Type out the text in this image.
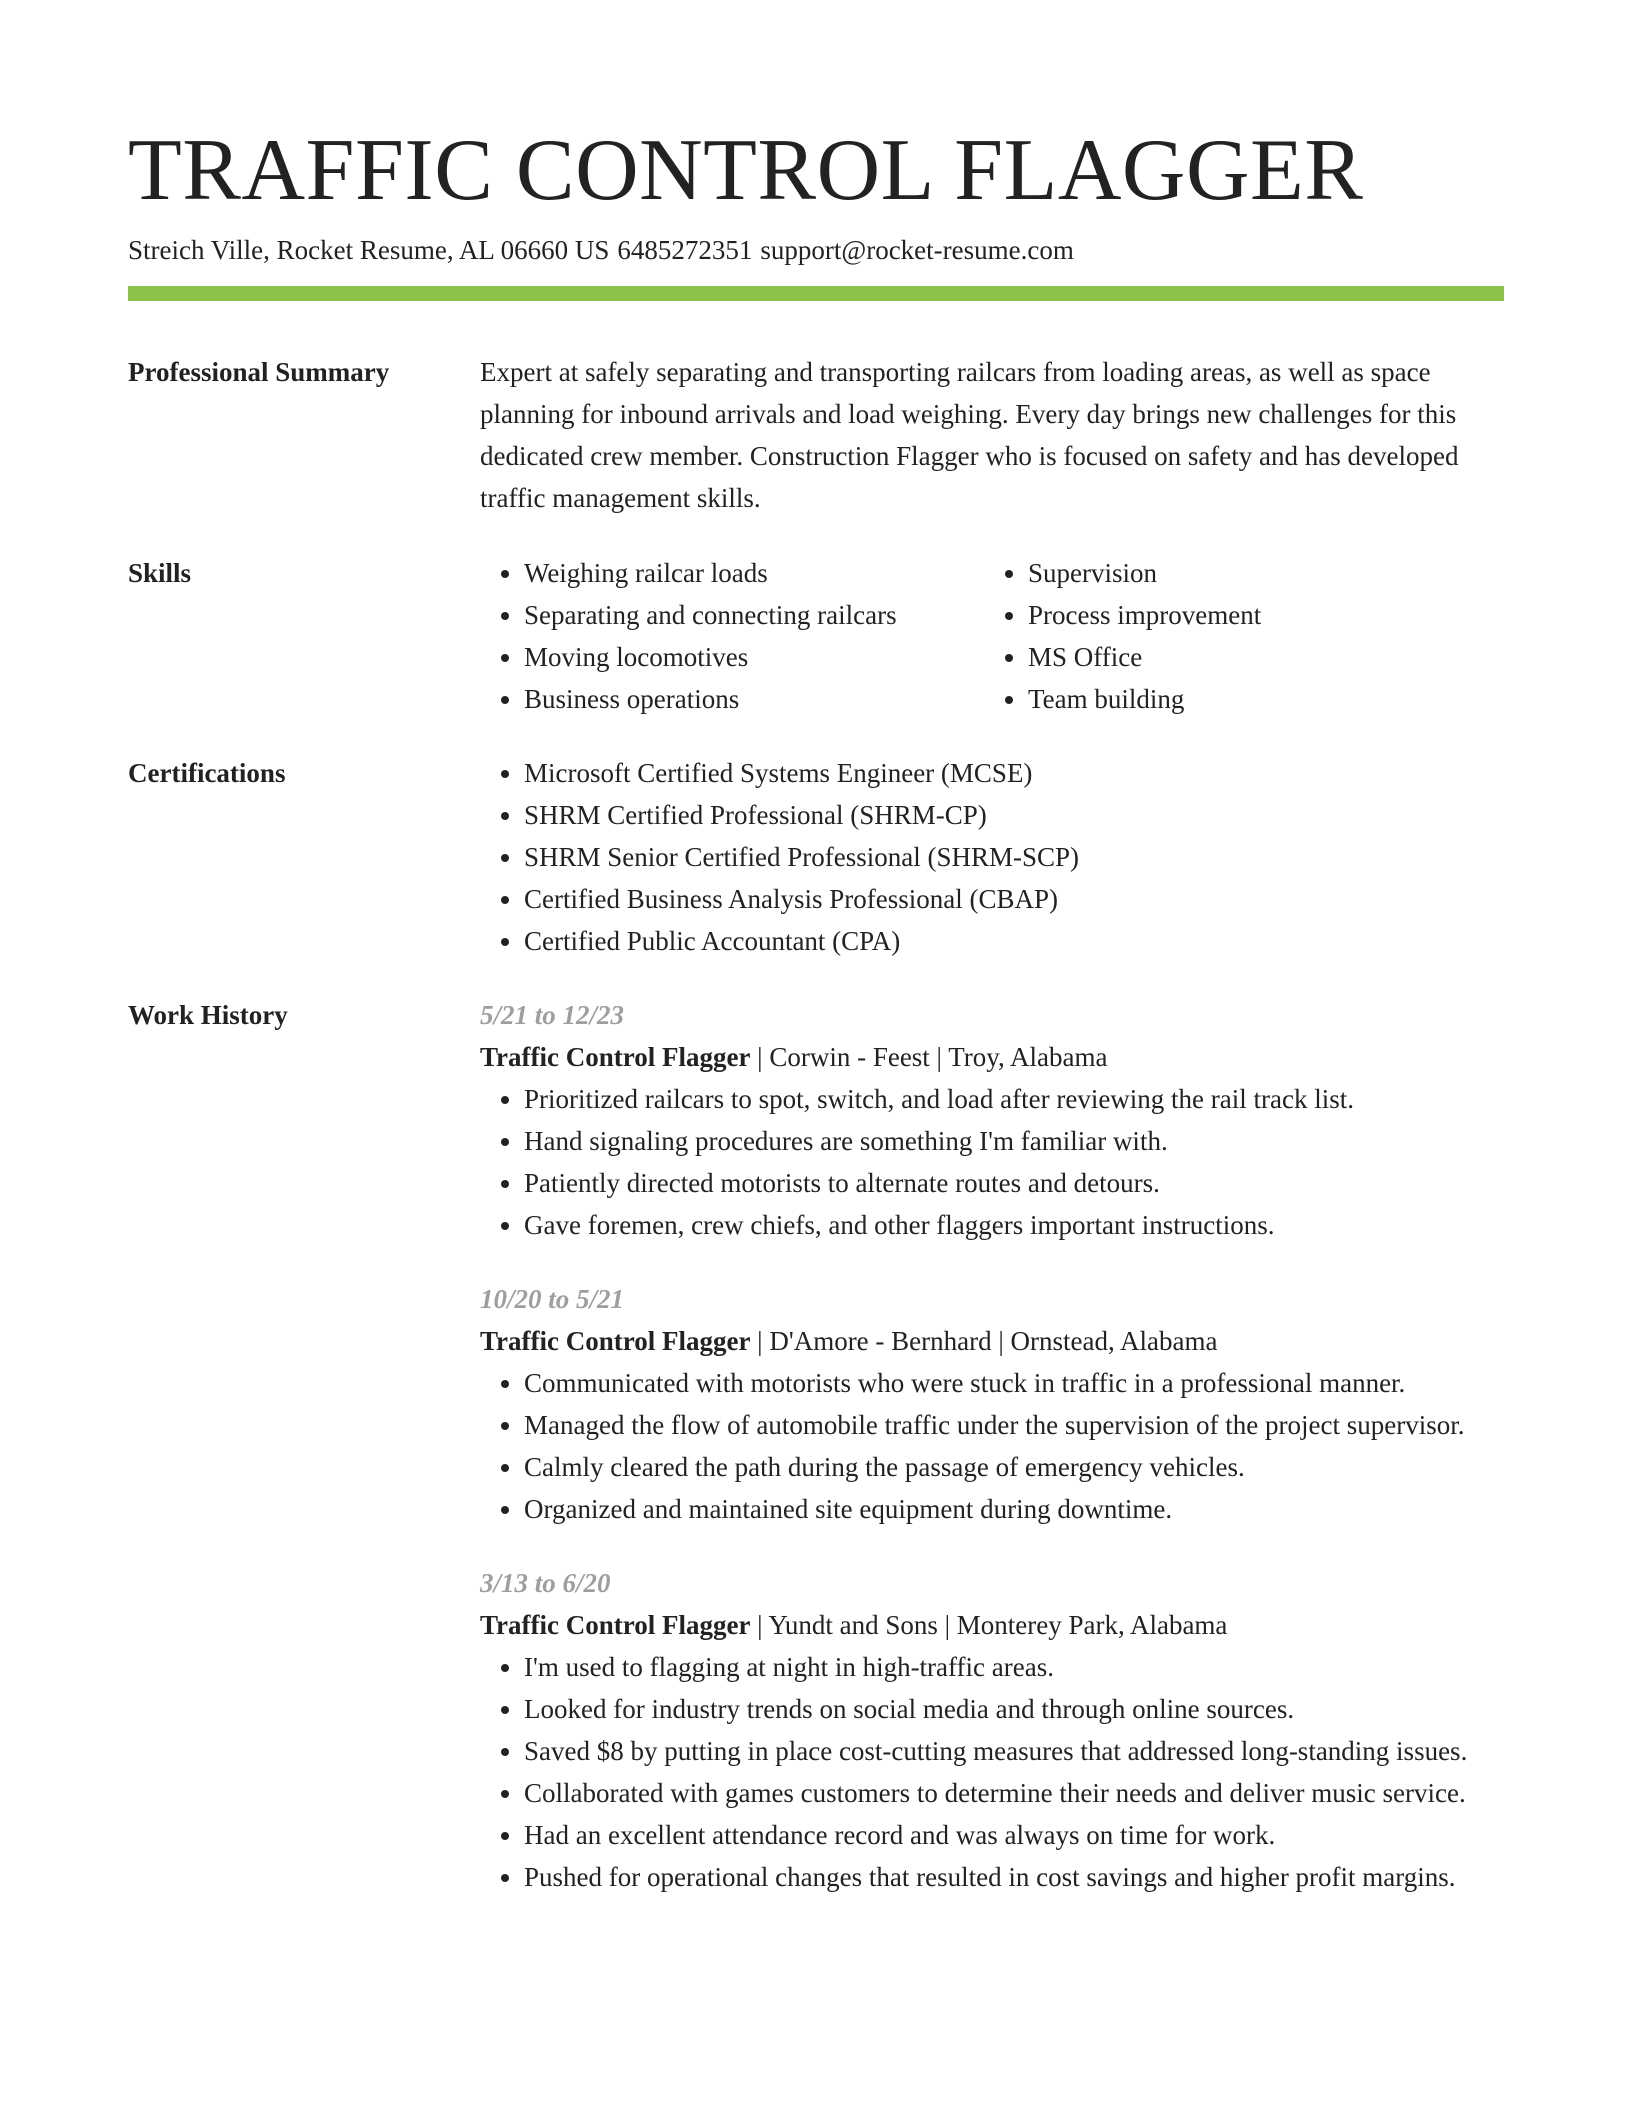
TRAFFIC CONTROL FLAGGER
Streich Ville, Rocket Resume, AL 06660 US 6485272351 support@rocket-resume.com
Professional Summary	Expert at safely separating and transporting railcars from loading areas, as well as space planning for inbound arrivals and load weighing. Every day brings new challenges for this dedicated crew member. Construction Flagger who is focused on safety and has developed traffic management skills.

Skills	• Weighing railcar loads
• Separating and connecting railcars
• Moving locomotives
• Business operations
• Supervision
• Process improvement
• MS Office
• Team building
Certifications	• Microsoft Certified Systems Engineer (MCSE)
• SHRM Certified Professional (SHRM-CP)
• SHRM Senior Certified Professional (SHRM-SCP)
• Certified Business Analysis Professional (CBAP)
• Certified Public Accountant (CPA)
Work History	5/21 to 12/23
Traffic Control Flagger | Corwin - Feest | Troy, Alabama
• Prioritized railcars to spot, switch, and load after reviewing the rail track list.
• Hand signaling procedures are something I'm familiar with.
• Patiently directed motorists to alternate routes and detours.
• Gave foremen, crew chiefs, and other flaggers important instructions.
10/20 to 5/21
Traffic Control Flagger | D'Amore - Bernhard | Ornstead, Alabama
• Communicated with motorists who were stuck in traffic in a professional manner.
• Managed the flow of automobile traffic under the supervision of the project supervisor.
• Calmly cleared the path during the passage of emergency vehicles.
• Organized and maintained site equipment during downtime.
3/13 to 6/20
Traffic Control Flagger | Yundt and Sons | Monterey Park, Alabama
• I'm used to flagging at night in high-traffic areas.
• Looked for industry trends on social media and through online sources.
• Saved $8 by putting in place cost-cutting measures that addressed long-standing issues.
• Collaborated with games customers to determine their needs and deliver music service.
• Had an excellent attendance record and was always on time for work.
• Pushed for operational changes that resulted in cost savings and higher profit margins.
